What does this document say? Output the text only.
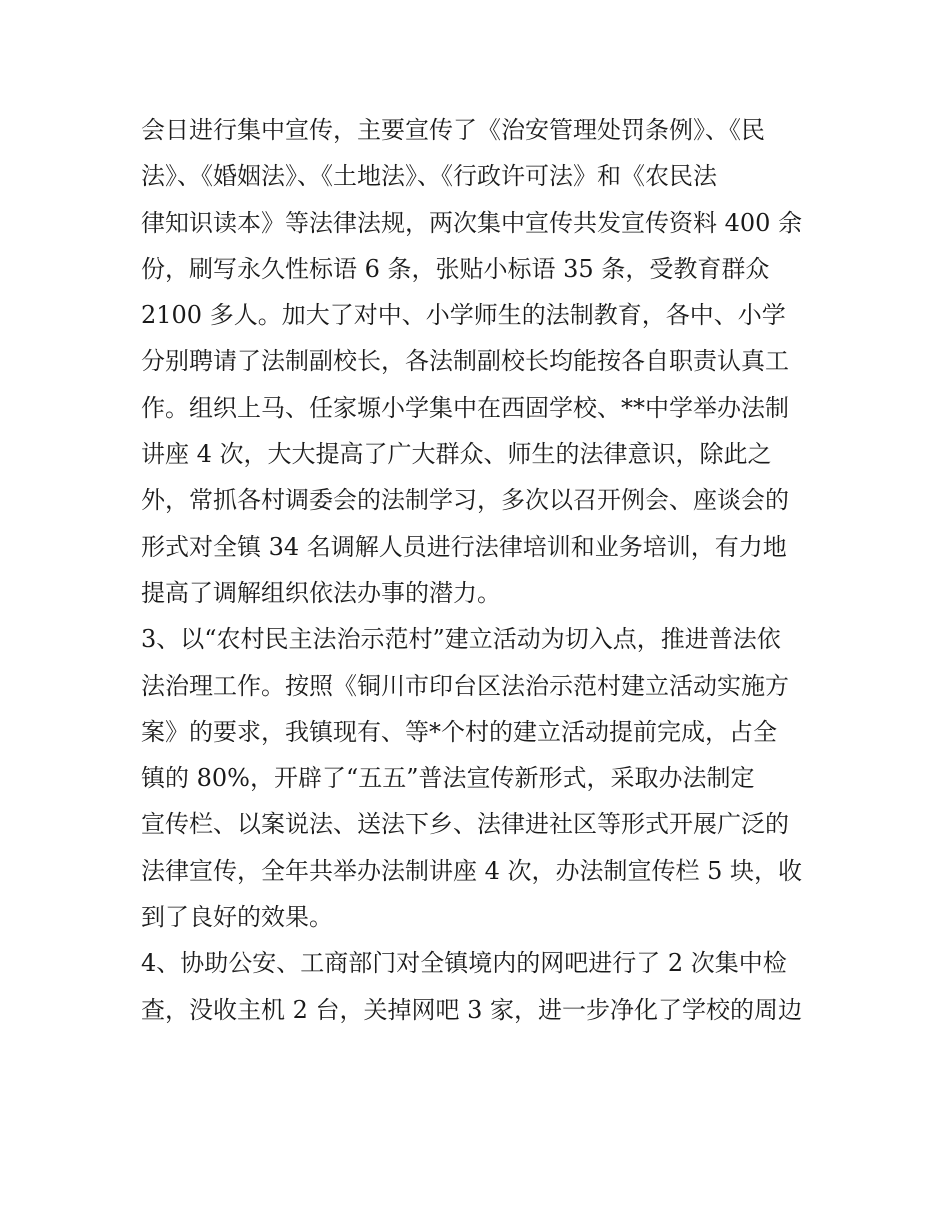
会日进行集中宣传，主要宣传了《治安管理处罚条例》、《民
法》、《婚姻法》、《土地法》、《行政许可法》和《农民法
律知识读本》等法律法规，两次集中宣传共发宣传资料 400 余
份，刷写永久性标语 6 条，张贴小标语 35 条，受教育群众
2100 多人。加大了对中、小学师生的法制教育，各中、小学
分别聘请了法制副校长，各法制副校长均能按各自职责认真工
作。组织上马、任家塬小学集中在西固学校、**中学举办法制
讲座 4 次，大大提高了广大群众、师生的法律意识，除此之
外，常抓各村调委会的法制学习，多次以召开例会、座谈会的
形式对全镇 34 名调解人员进行法律培训和业务培训，有力地
提高了调解组织依法办事的潜力。
3、以“农村民主法治示范村”建立活动为切入点，推进普法依
法治理工作。按照《铜川市印台区法治示范村建立活动实施方
案》的要求，我镇现有、等*个村的建立活动提前完成，占全
镇的 80%，开辟了“五五”普法宣传新形式，采取办法制定
宣传栏、以案说法、送法下乡、法律进社区等形式开展广泛的
法律宣传，全年共举办法制讲座 4 次，办法制宣传栏 5 块，收
到了良好的效果。
4、协助公安、工商部门对全镇境内的网吧进行了 2 次集中检
查，没收主机 2 台，关掉网吧 3 家，进一步净化了学校的周边
